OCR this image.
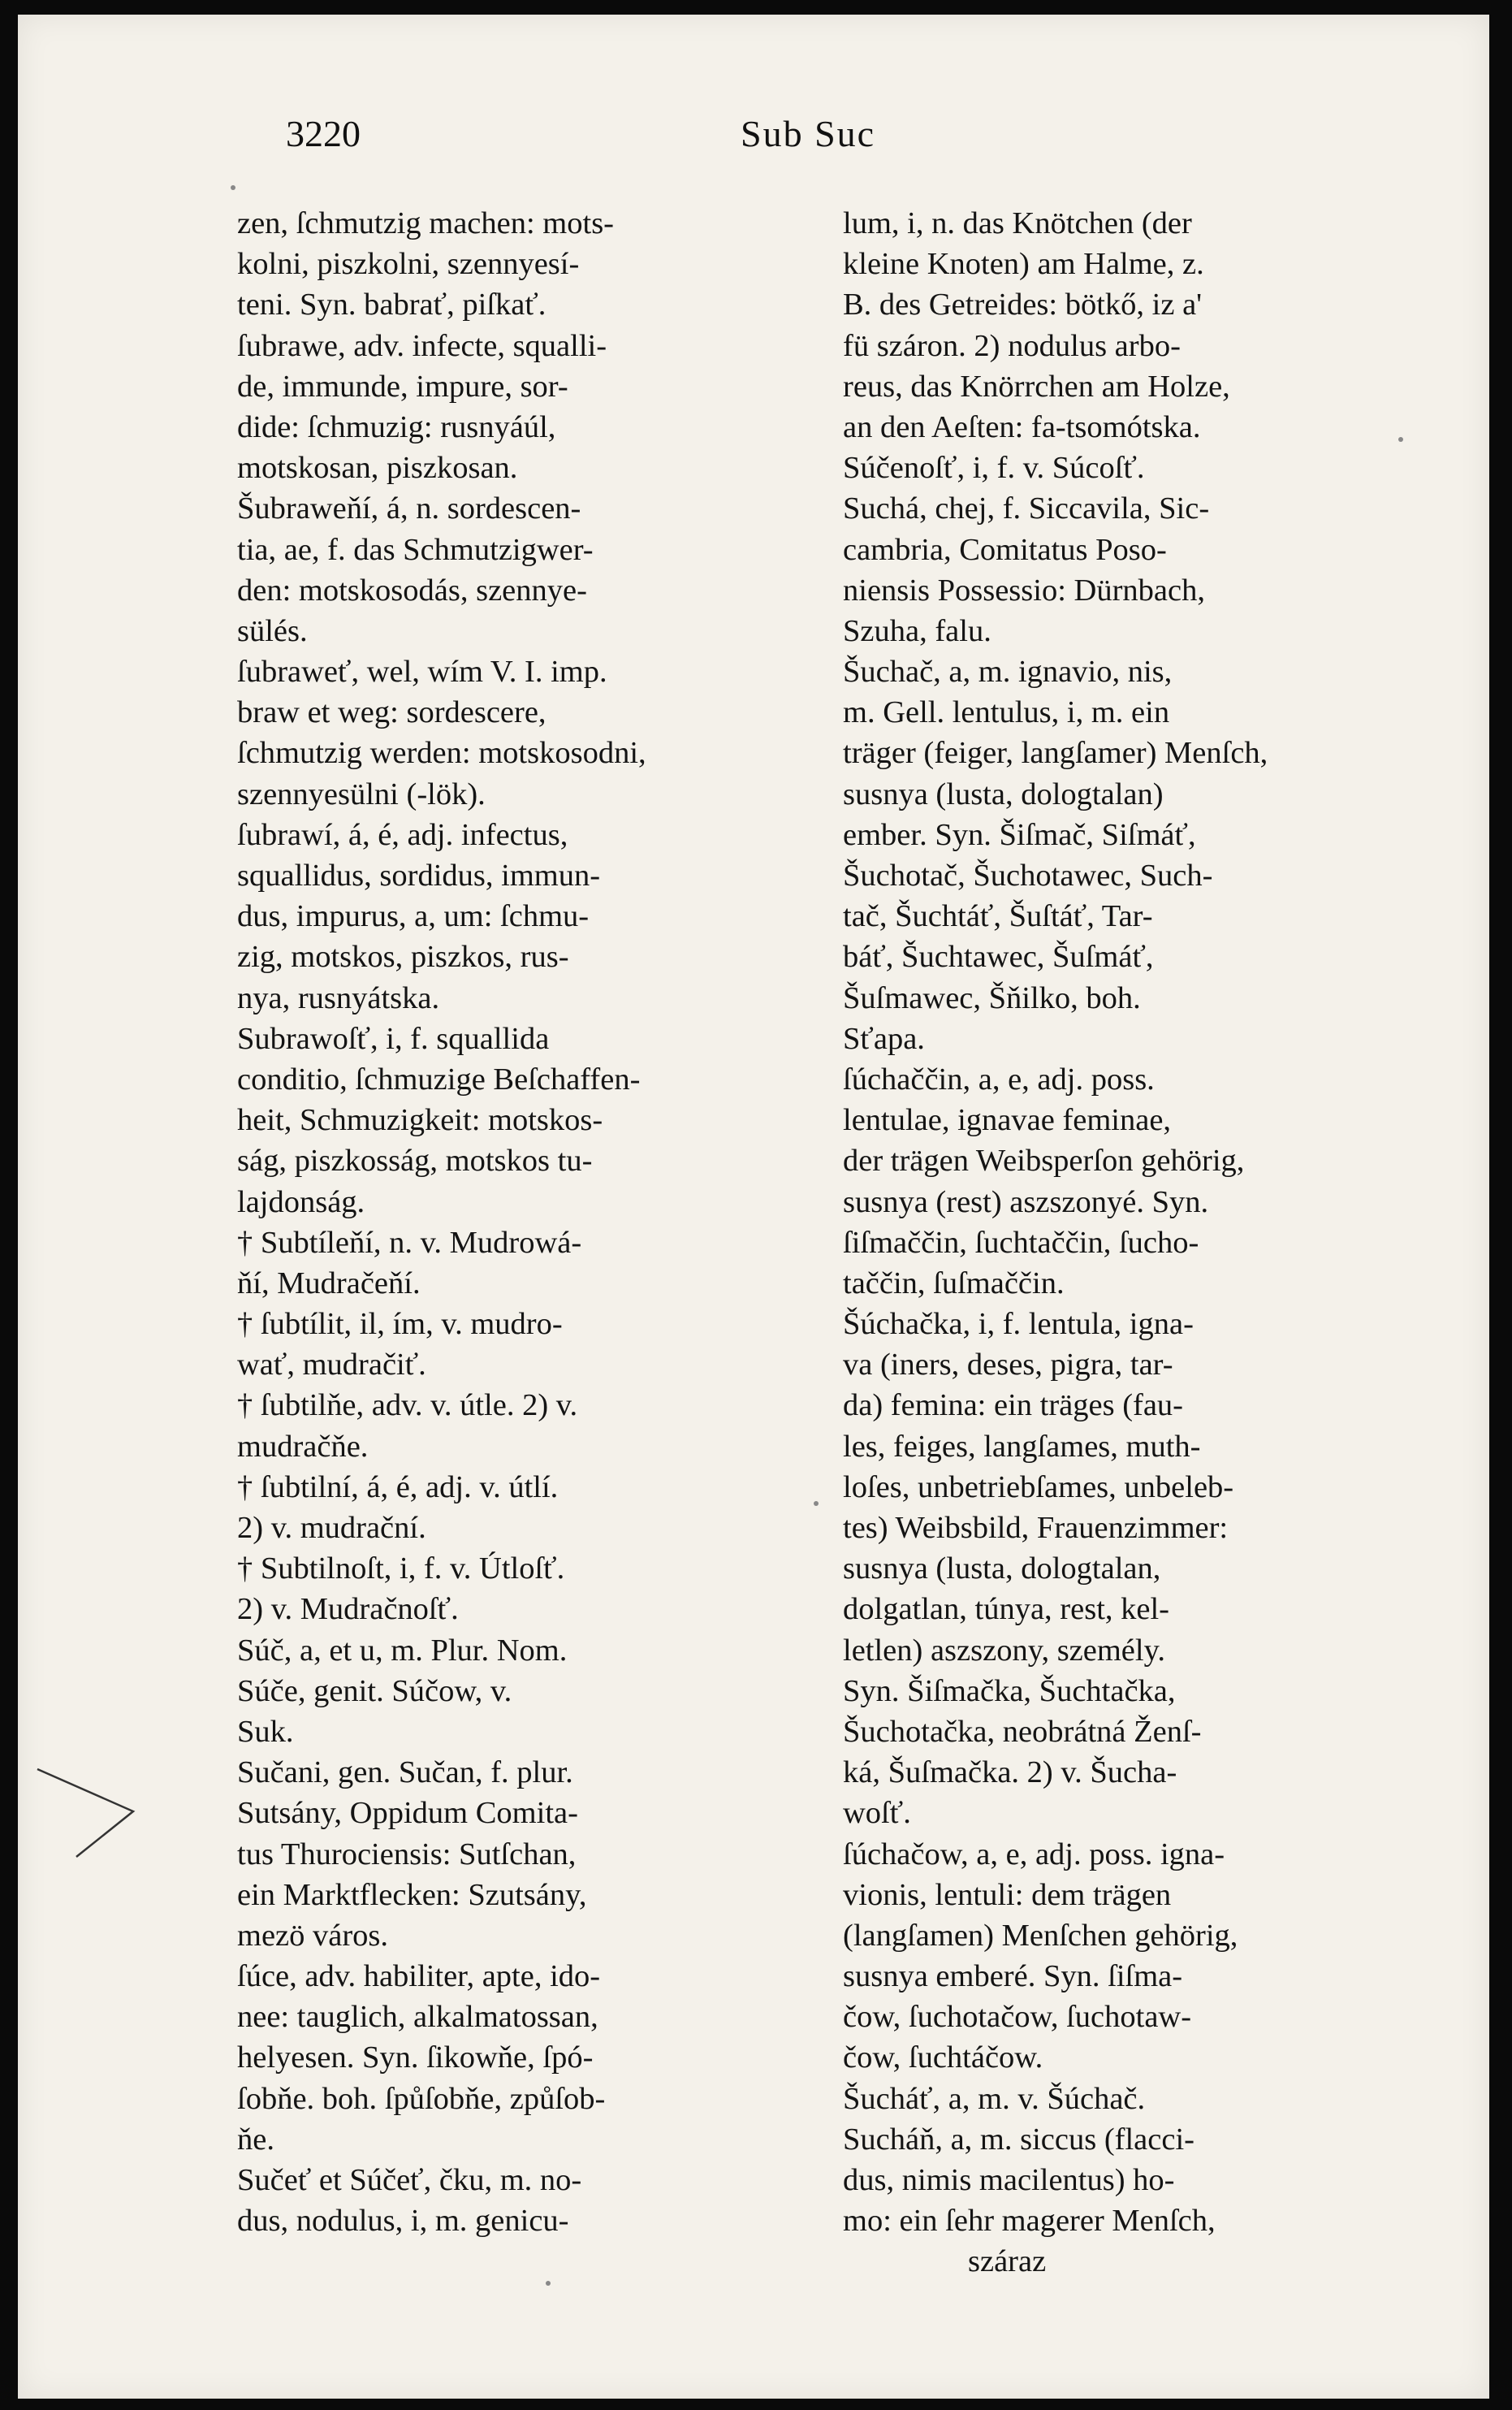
3220	Sub Suc
zen, ſchmutzig machen: mots-
kolni, piszkolni, szennyesí-
teni. Syn. babrať, piſkať.
ſubrawe, adv. infecte, squalli-
de, immunde, impure, sor-
dide: ſchmuzig: rusnyáúl,
motskosan, piszkosan.
Šubraweňí, á, n. sordescen-
tia, ae, f. das Schmutzigwer-
den: motskosodás, szennye-
sülés.
ſubraweť, wel, wím V. I. imp.
braw et weg: sordescere,
ſchmutzig werden: motskosodni,
szennyesülni (-lök).
ſubrawí, á, é, adj. infectus,
squallidus, sordidus, immun-
dus, impurus, a, um: ſchmu-
zig, motskos, piszkos, rus-
nya, rusnyátska.
Subrawoſť, i, f. squallida
conditio, ſchmuzige Beſchaffen-
heit, Schmuzigkeit: motskos-
ság, piszkosság, motskos tu-
lajdonság.
† Subtíleňí, n. v. Mudrowá-
ňí, Mudračeňí.
† ſubtílit, il, ím, v. mudro-
wať, mudračiť.
† ſubtilňe, adv. v. útle. 2) v.
mudračňe.
† ſubtilní, á, é, adj. v. útlí.
2) v. mudrační.
† Subtilnoſt, i, f. v. Útloſť.
2) v. Mudračnoſť.
Súč, a, et u, m. Plur. Nom.
Súče, genit. Súčow, v.
Suk.
Sučani, gen. Sučan, f. plur.
Sutsány, Oppidum Comita-
tus Thurociensis: Sutſchan,
ein Marktflecken: Szutsány,
mezö város.
ſúce, adv. habiliter, apte, ido-
nee: tauglich, alkalmatossan,
helyesen. Syn. ſikowňe, ſpó-
ſobňe. boh. ſpůſobňe, způſob-
ňe.
Sučeť et Súčeť, čku, m. no-
dus, nodulus, i, m. genicu-
lum, i, n. das Knötchen (der
kleine Knoten) am Halme, z.
B. des Getreides: bötkő, iz a'
fü száron. 2) nodulus arbo-
reus, das Knörrchen am Holze,
an den Aeſten: fa-tsomótska.
Súčenoſť, i, f. v. Súcoſť.
Suchá, chej, f. Siccavila, Sic-
cambria, Comitatus Poso-
niensis Possessio: Dürnbach,
Szuha, falu.
Šuchač, a, m. ignavio, nis,
m. Gell. lentulus, i, m. ein
träger (feiger, langſamer) Menſch,
susnya (lusta, dologtalan)
ember. Syn. Šiſmač, Siſmáť,
Šuchotač, Šuchotawec, Such-
tač, Šuchtáť, Šuſtáť, Tar-
báť, Šuchtawec, Šuſmáť,
Šuſmawec, Šňilko, boh.
Sťapa.
ſúchaččin, a, e, adj. poss.
lentulae, ignavae feminae,
der trägen Weibsperſon gehörig,
susnya (rest) aszszonyé. Syn.
ſiſmaččin, ſuchtaččin, ſucho-
taččin, ſuſmaččin.
Šúchačka, i, f. lentula, igna-
va (iners, deses, pigra, tar-
da) femina: ein träges (fau-
les, feiges, langſames, muth-
loſes, unbetriebſames, unbeleb-
tes) Weibsbild, Frauenzimmer:
susnya (lusta, dologtalan,
dolgatlan, túnya, rest, kel-
letlen) aszszony, személy.
Syn. Šiſmačka, Šuchtačka,
Šuchotačka, neobrátná Ženſ-
ká, Šuſmačka. 2) v. Šucha-
woſť.
ſúchačow, a, e, adj. poss. igna-
vionis, lentuli: dem trägen
(langſamen) Menſchen gehörig,
susnya emberé. Syn. ſiſma-
čow, ſuchotačow, ſuchotaw-
čow, ſuchtáčow.
Šucháť, a, m. v. Šúchač.
Sucháň, a, m. siccus (flacci-
dus, nimis macilentus) ho-
mo: ein ſehr magerer Menſch,
száraz
